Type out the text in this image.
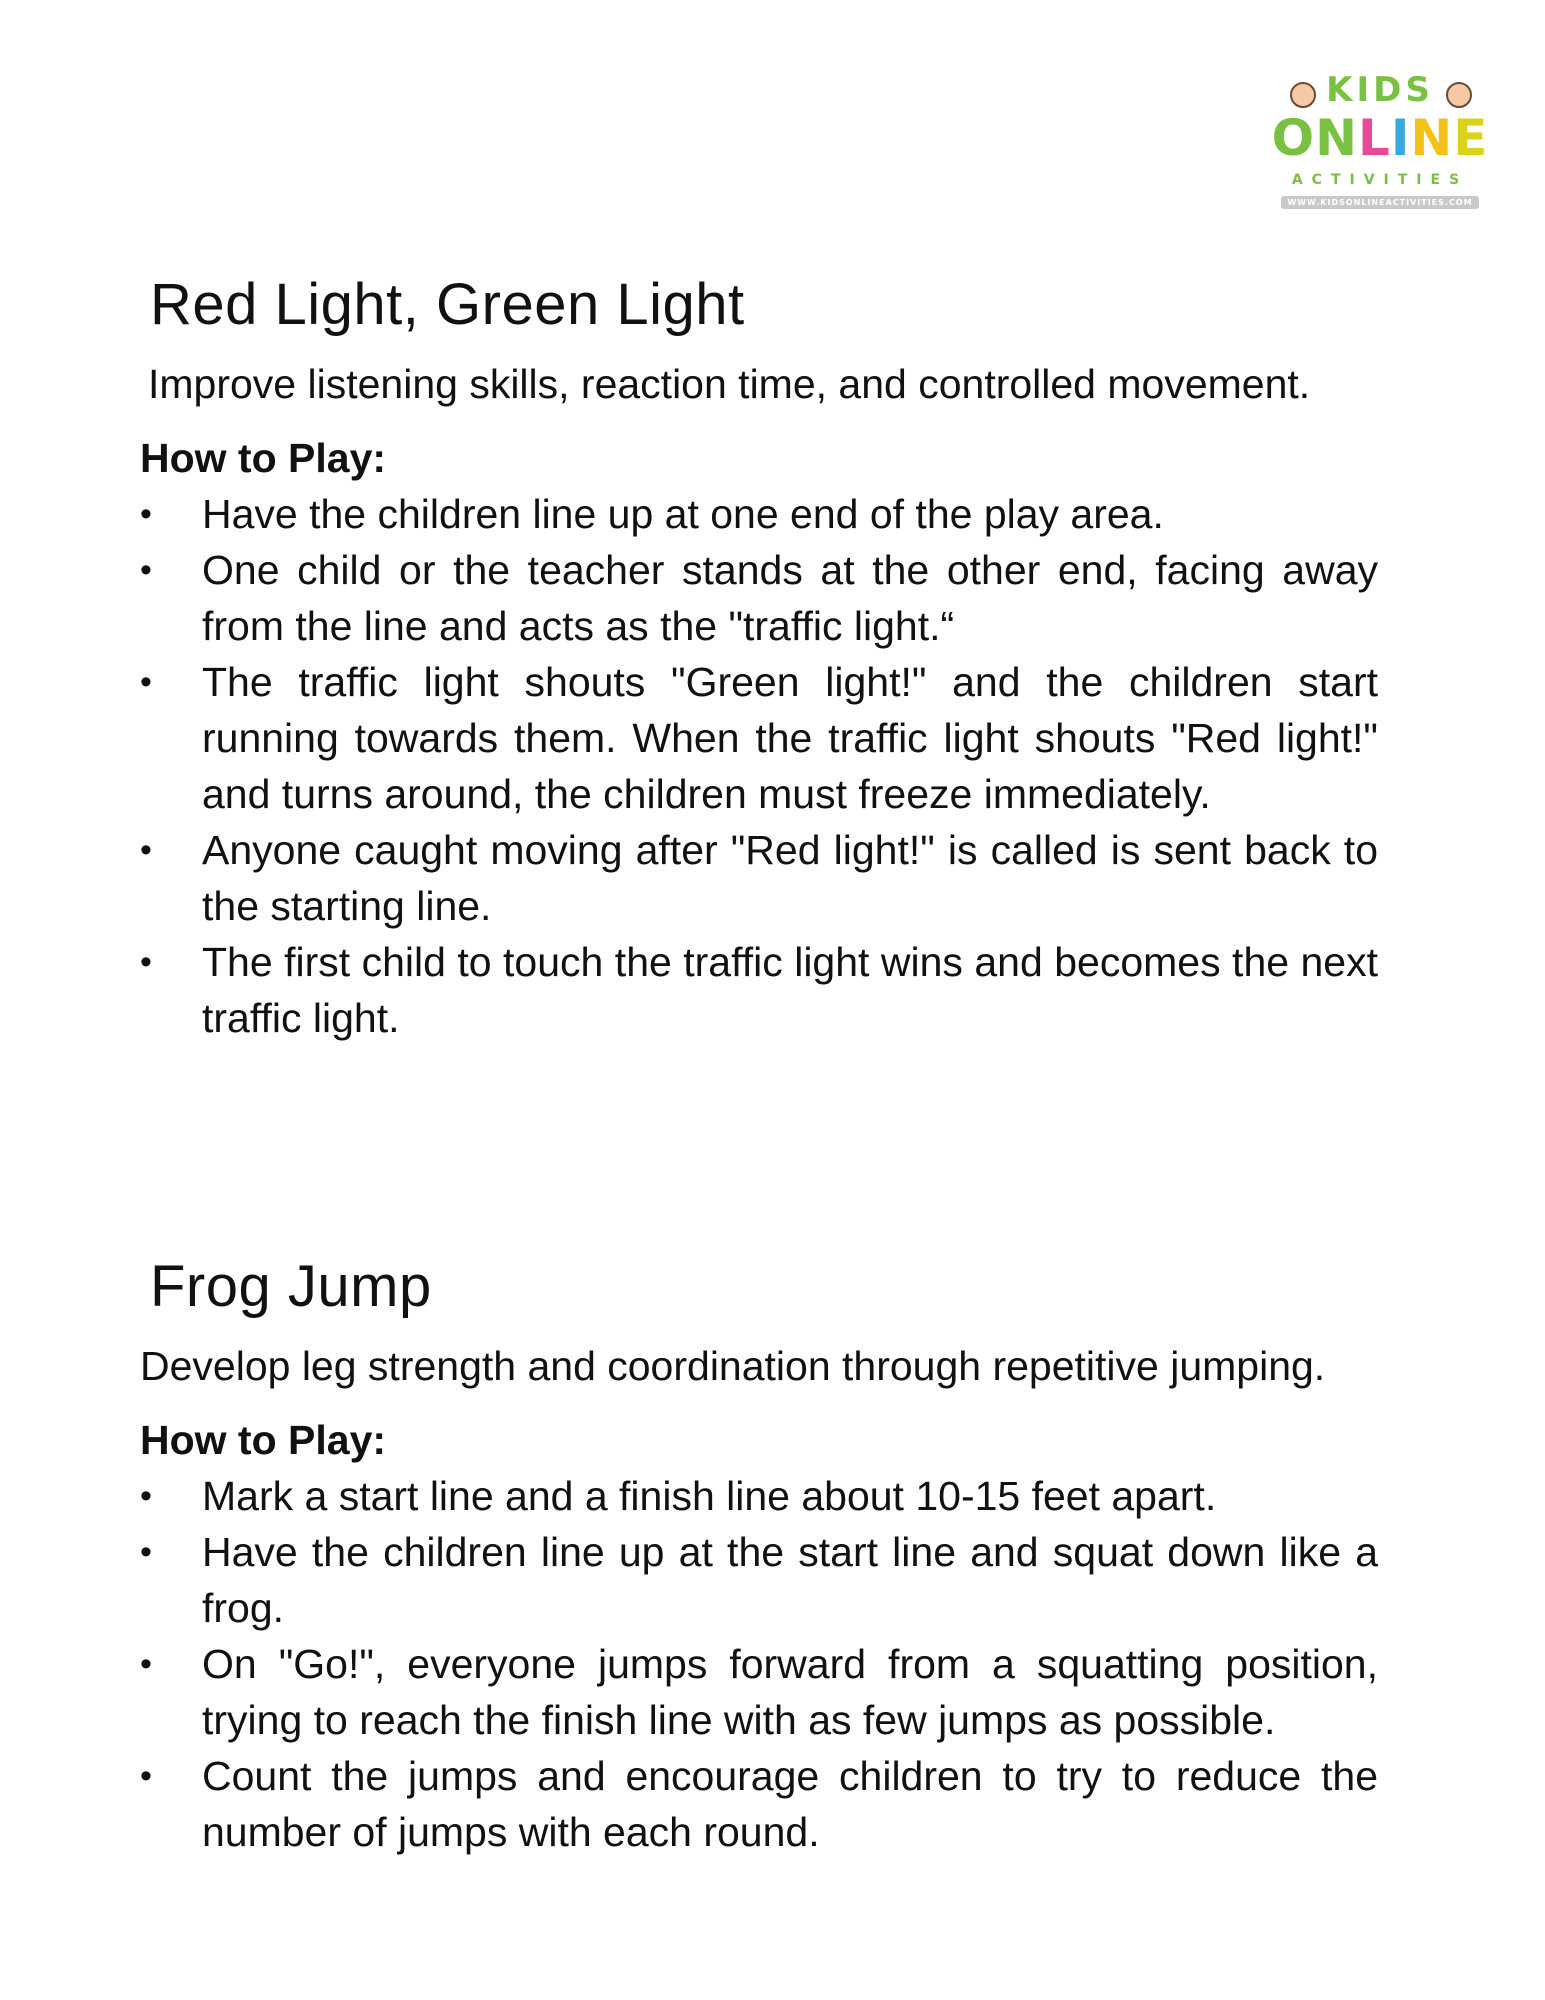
KIDS
ONLINE
ACTIVITIES
WWW.KIDSONLINEACTIVITIES.COM
Red Light, Green Light

Improve listening skills, reaction time, and controlled movement.

How to Play:
• Have the children line up at one end of the play area.
• One child or the teacher stands at the other end, facing away from the line and acts as the "traffic light.“
• The traffic light shouts "Green light!" and the children start running towards them. When the traffic light shouts "Red light!" and turns around, the children must freeze immediately.
• Anyone caught moving after "Red light!" is called is sent back to the starting line.
• The first child to touch the traffic light wins and becomes the next traffic light.
Frog Jump

Develop leg strength and coordination through repetitive jumping.

How to Play:
• Mark a start line and a finish line about 10-15 feet apart.
• Have the children line up at the start line and squat down like a frog.
• On "Go!", everyone jumps forward from a squatting position, trying to reach the finish line with as few jumps as possible.
• Count the jumps and encourage children to try to reduce the number of jumps with each round.
